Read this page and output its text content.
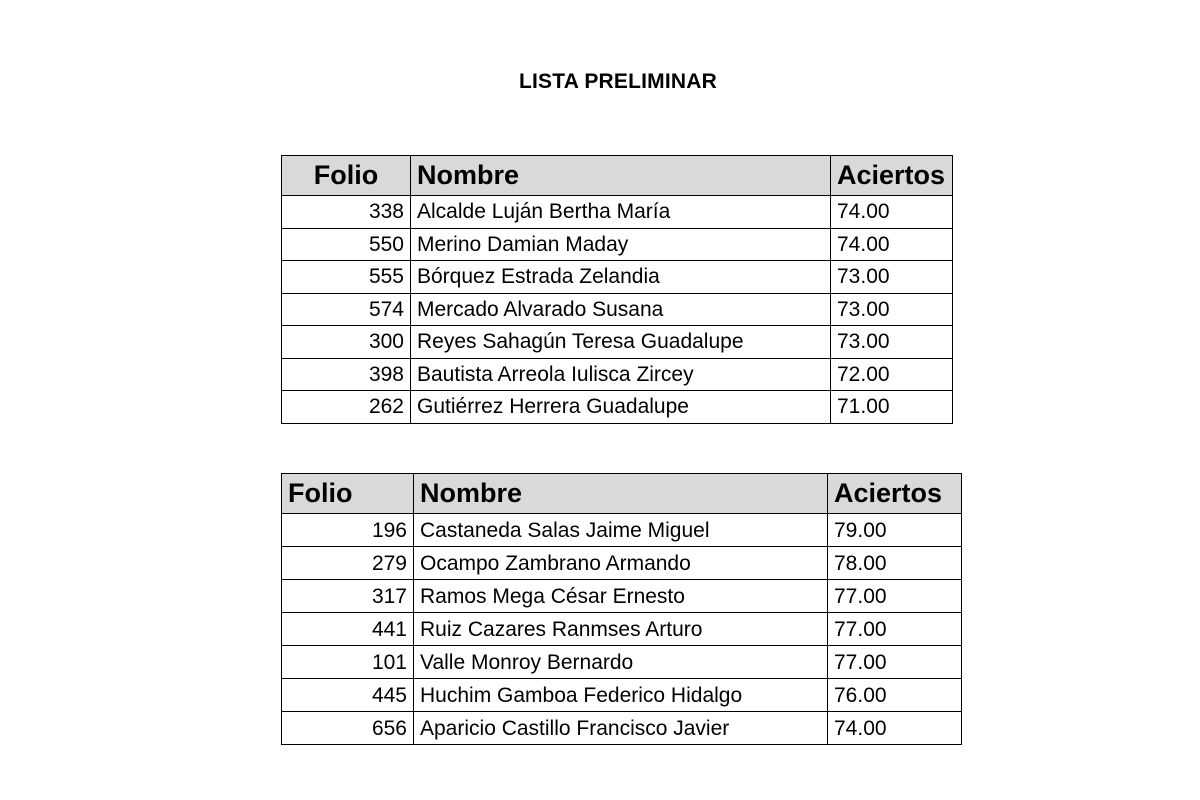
LISTA PRELIMINAR
Folio	Nombre	Aciertos
338	Alcalde Luján Bertha María	74.00
550	Merino Damian Maday	74.00
555	Bórquez Estrada Zelandia	73.00
574	Mercado Alvarado Susana	73.00
300	Reyes Sahagún Teresa Guadalupe	73.00
398	Bautista Arreola Iulisca Zircey	72.00
262	Gutiérrez Herrera Guadalupe	71.00
Folio	Nombre	Aciertos
196	Castaneda Salas Jaime Miguel	79.00
279	Ocampo Zambrano Armando	78.00
317	Ramos Mega César Ernesto	77.00
441	Ruiz Cazares Ranmses Arturo	77.00
101	Valle Monroy Bernardo	77.00
445	Huchim Gamboa Federico Hidalgo	76.00
656	Aparicio Castillo Francisco Javier	74.00
